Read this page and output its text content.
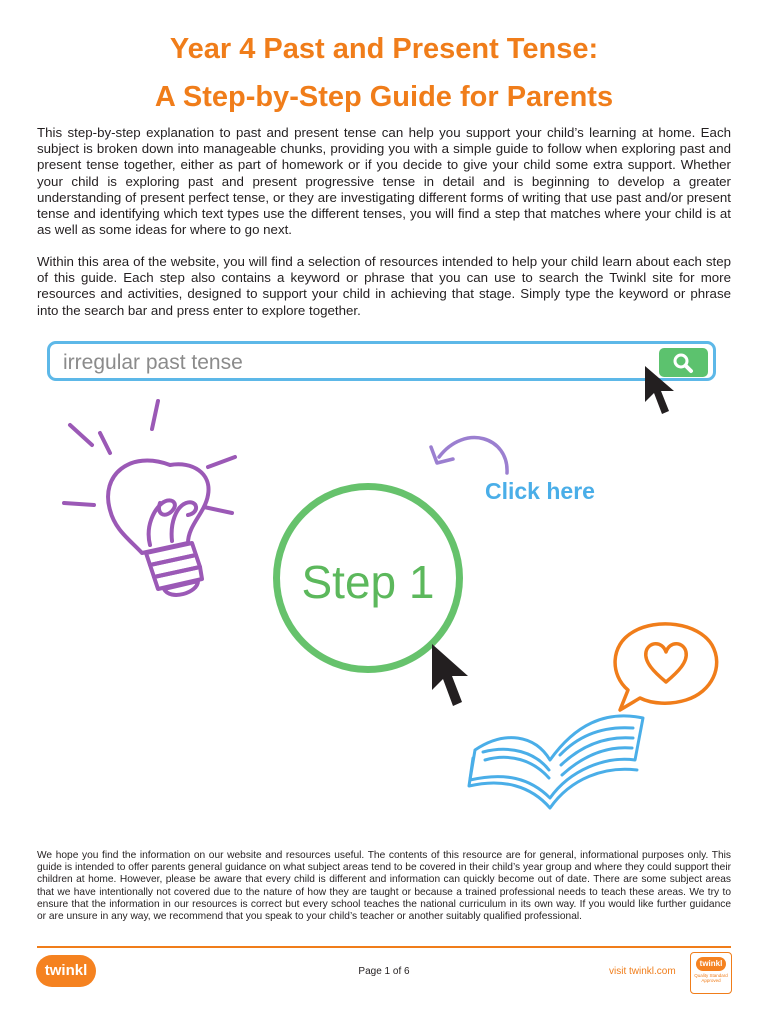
Year 4 Past and Present Tense:
A Step-by-Step Guide for Parents

This step-by-step explanation to past and present tense can help you support your child’s learning at home. Each subject is broken down into manageable chunks, providing you with a simple guide to follow when exploring past and present tense together, either as part of homework or if you decide to give your child some extra support. Whether your child is exploring past and present progressive tense in detail and is beginning to develop a greater understanding of present perfect tense, or they are investigating different forms of writing that use past and/or present tense and identifying which text types use the different tenses, you will find a step that matches where your child is at as well as some ideas for where to go next.

Within this area of the website, you will find a selection of resources intended to help your child learn about each step of this guide. Each step also contains a keyword or phrase that you can use to search the Twinkl site for more resources and activities, designed to support your child in achieving that stage. Simply type the keyword or phrase into the search bar and press enter to explore together.

irregular past tense
Click here
Step 1

We hope you find the information on our website and resources useful. The contents of this resource are for general, informational purposes only. This guide is intended to offer parents general guidance on what subject areas tend to be covered in their child’s year group and where they could support their children at home. However, please be aware that every child is different and information can quickly become out of date. There are some subject areas that we have intentionally not covered due to the nature of how they are taught or because a trained professional needs to teach these areas. We try to ensure that the information in our resources is correct but every school teaches the national curriculum in its own way. If you would like further guidance or are unsure in any way, we recommend that you speak to your child’s teacher or another suitably qualified professional.

twinkl	Page 1 of 6	visit twinkl.com
twinkl
Quality Standard Approved
